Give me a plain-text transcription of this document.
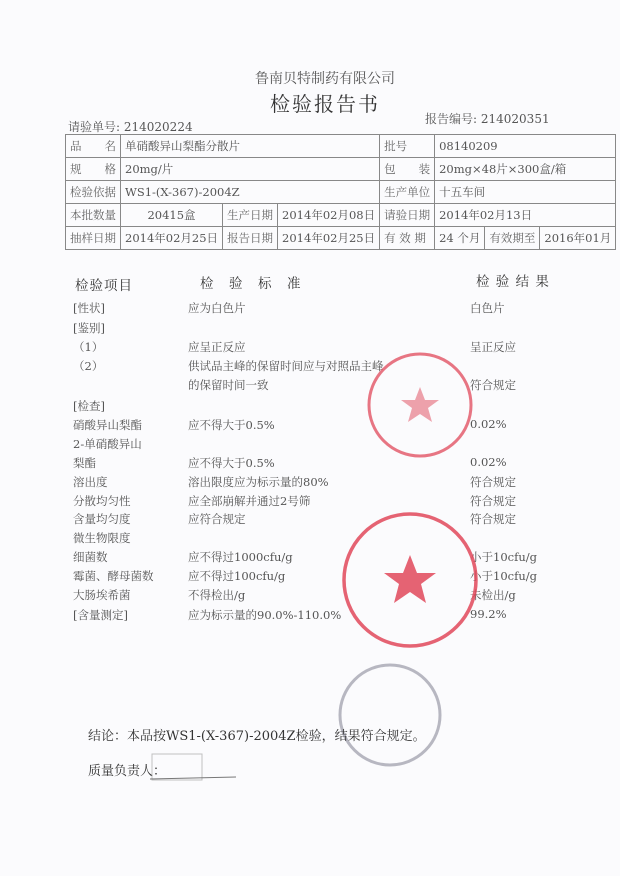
鲁南贝特制药有限公司
检验报告书
请验单号: 214020224
报告编号: 214020351
品　　名	单硝酸异山梨酯分散片			批号	08140209		
规　　格	20mg/片			包　　装	20mg×48片×300盒/箱		
检验依据	WS1-(X-367)-2004Z			生产单位	十五车间		
本批数量	20415盒	生产日期	2014年02月08日	请验日期	2014年02月13日		
抽样日期	2014年02月25日	报告日期	2014年02月25日	有 效 期	24 个月	有效期至	2016年01月
检验项目	检　验　标　准	检 验 结 果
[性状]	应为白色片	白色片
[鉴别]
（1）	应呈正反应	呈正反应
（2）	供试品主峰的保留时间应与对照品主峰
的保留时间一致	符合规定
[检查]
硝酸异山梨酯	应不得大于0.5%	0.02%
2-单硝酸异山
梨酯	应不得大于0.5%	0.02%
溶出度	溶出限度应为标示量的80%	符合规定
分散均匀性	应全部崩解并通过2号筛	符合规定
含量均匀度	应符合规定	符合规定
微生物限度
细菌数	应不得过1000cfu/g	小于10cfu/g
霉菌、酵母菌数	应不得过100cfu/g	小于10cfu/g
大肠埃希菌	不得检出/g	未检出/g
[含量测定]	应为标示量的90.0%-110.0%	99.2%
结论：本品按WS1-(X-367)-2004Z检验，结果符合规定。
质量负责人：
